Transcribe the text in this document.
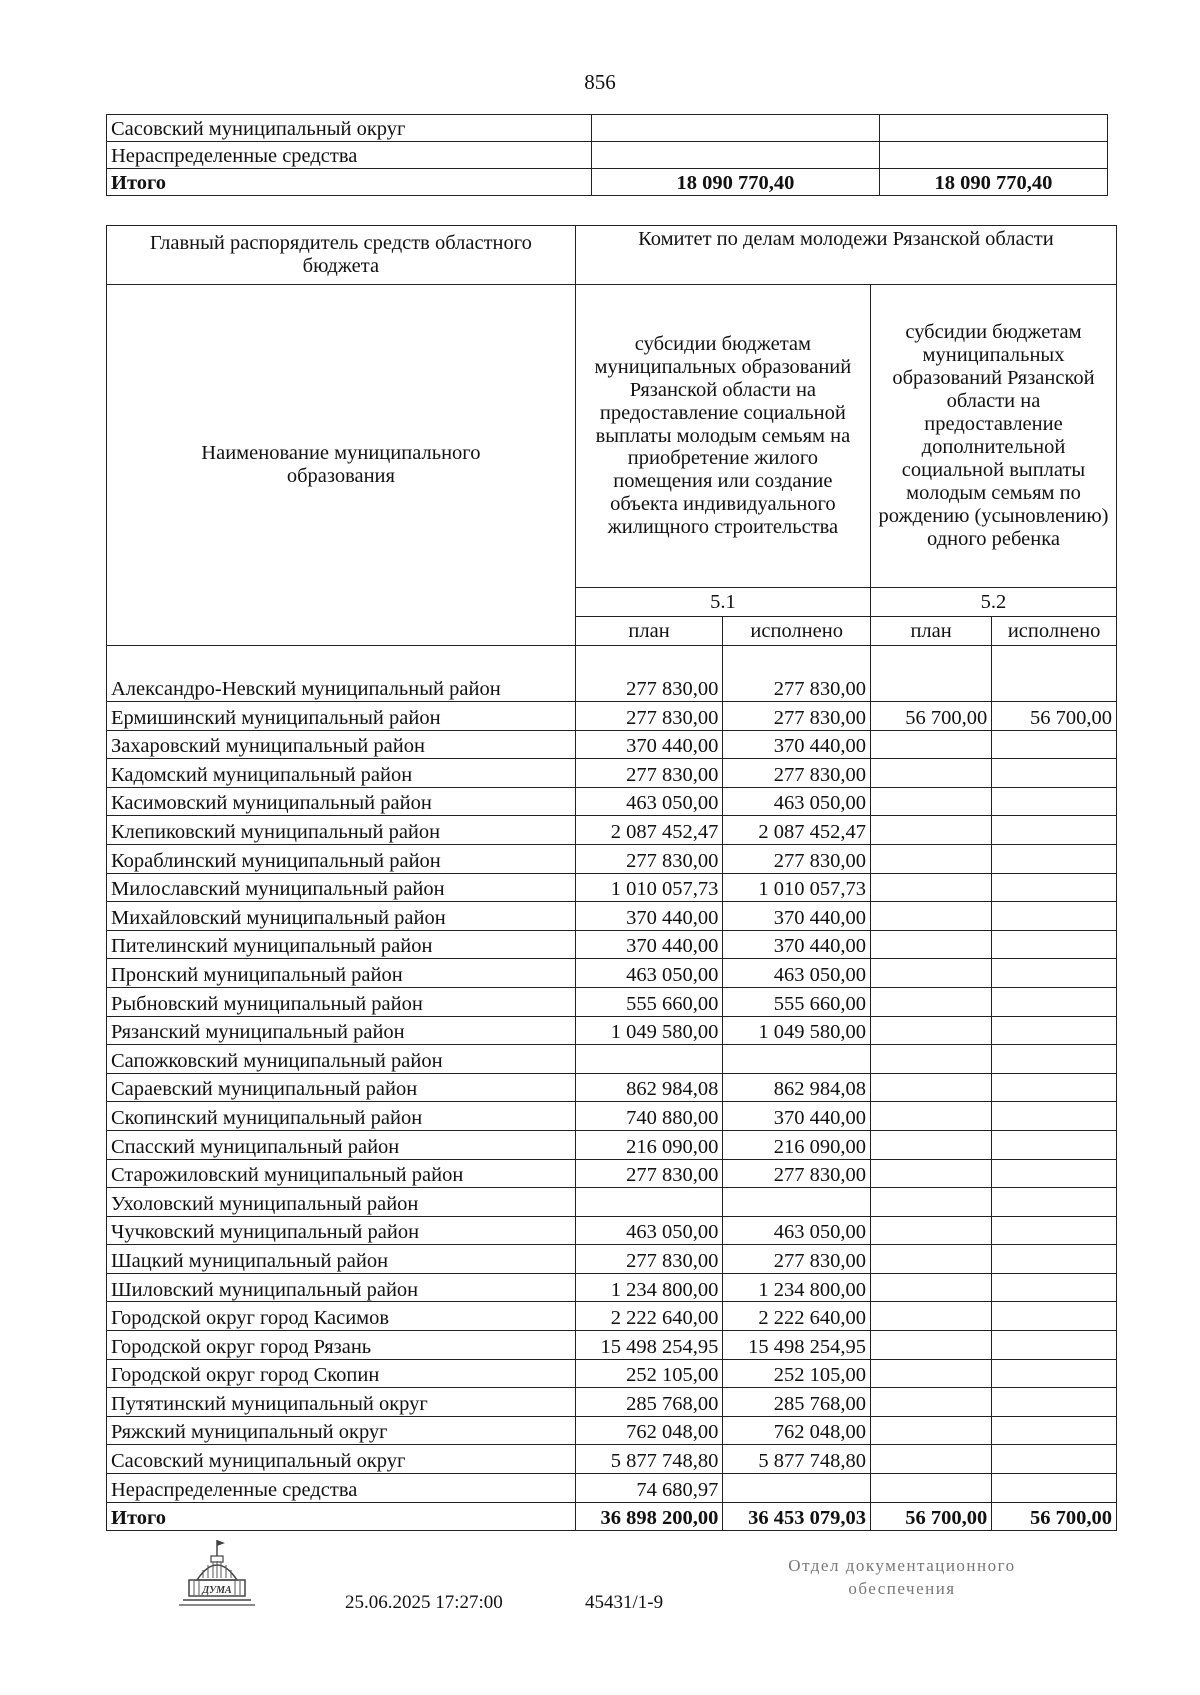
856
Сасовский муниципальный округ		
Нераспределенные средства		
Итого	18 090 770,40	18 090 770,40
Главный распорядитель средств областного бюджета	Комитет по делам молодежи Рязанской области			
Наименование муниципального образования	субсидии бюджетам муниципальных образований Рязанской области на предоставление социальной выплаты молодым семьям на приобретение жилого помещения или создание объекта индивидуального жилищного строительства		субсидии бюджетам муниципальных образований Рязанской области на предоставление дополнительной социальной выплаты молодым семьям по рождению (усыновлению) одного ребенка	
	5.1		5.2	
	план	исполнено	план	исполнено
Александро-Невский муниципальный район	277 830,00	277 830,00		
Ермишинский муниципальный район	277 830,00	277 830,00	56 700,00	56 700,00
Захаровский муниципальный район	370 440,00	370 440,00		
Кадомский муниципальный район	277 830,00	277 830,00		
Касимовский муниципальный район	463 050,00	463 050,00		
Клепиковский муниципальный район	2 087 452,47	2 087 452,47		
Кораблинский муниципальный район	277 830,00	277 830,00		
Милославский муниципальный район	1 010 057,73	1 010 057,73		
Михайловский муниципальный район	370 440,00	370 440,00		
Пителинский муниципальный район	370 440,00	370 440,00		
Пронский муниципальный район	463 050,00	463 050,00		
Рыбновский муниципальный район	555 660,00	555 660,00		
Рязанский муниципальный район	1 049 580,00	1 049 580,00		
Сапожковский муниципальный район				
Сараевский муниципальный район	862 984,08	862 984,08		
Скопинский муниципальный район	740 880,00	370 440,00		
Спасский муниципальный район	216 090,00	216 090,00		
Старожиловский муниципальный район	277 830,00	277 830,00		
Ухоловский муниципальный район				
Чучковский муниципальный район	463 050,00	463 050,00		
Шацкий муниципальный район	277 830,00	277 830,00		
Шиловский муниципальный район	1 234 800,00	1 234 800,00		
Городской округ город Касимов	2 222 640,00	2 222 640,00		
Городской округ город Рязань	15 498 254,95	15 498 254,95		
Городской округ город Скопин	252 105,00	252 105,00		
Путятинский муниципальный округ	285 768,00	285 768,00		
Ряжский муниципальный округ	762 048,00	762 048,00		
Сасовский муниципальный округ	5 877 748,80	5 877 748,80		
Нераспределенные средства	74 680,97			
Итого	36 898 200,00	36 453 079,03	56 700,00	56 700,00
ДУМА
25.06.2025 17:27:00	45431/1-9
Отдел документационного
обеспечения
